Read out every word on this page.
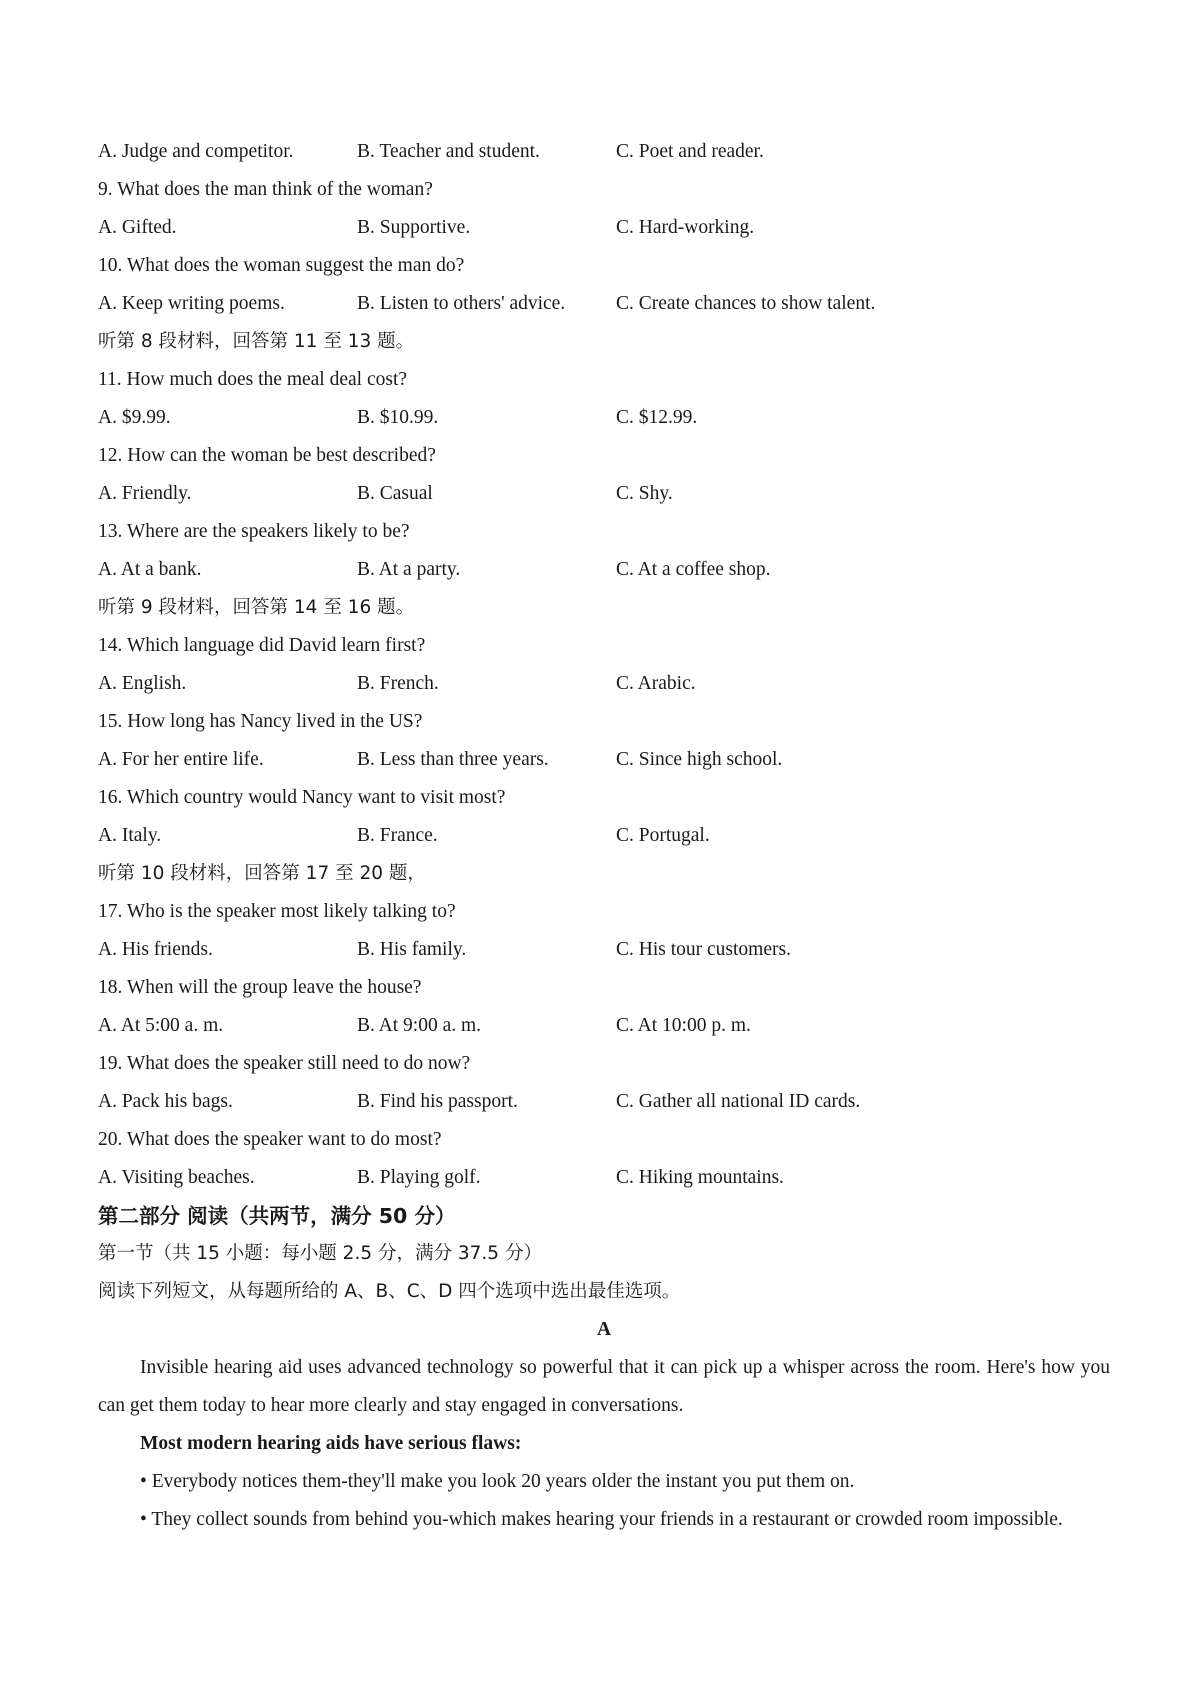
A. Judge and competitor.	B. Teacher and student.	C. Poet and reader.
9. What does the man think of the woman?
A. Gifted.	B. Supportive.	C. Hard-working.
10. What does the woman suggest the man do?
A. Keep writing poems.	B. Listen to others' advice.	C. Create chances to show talent.
听第 8 段材料，回答第 11 至 13 题。
11. How much does the meal deal cost?
A. $9.99.	B. $10.99.	C. $12.99.
12. How can the woman be best described?
A. Friendly.	B. Casual	C. Shy.
13. Where are the speakers likely to be?
A. At a bank.	B. At a party.	C. At a coffee shop.
听第 9 段材料，回答第 14 至 16 题。
14. Which language did David learn first?
A. English.	B. French.	C. Arabic.
15. How long has Nancy lived in the US?
A. For her entire life.	B. Less than three years.	C. Since high school.
16. Which country would Nancy want to visit most?
A. Italy.	B. France.	C. Portugal.
听第 10 段材料，回答第 17 至 20 题，
17. Who is the speaker most likely talking to?
A. His friends.	B. His family.	C. His tour customers.
18. When will the group leave the house?
A. At 5:00 a. m.	B. At 9:00 a. m.	C. At 10:00 p. m.
19. What does the speaker still need to do now?
A. Pack his bags.	B. Find his passport.	C. Gather all national ID cards.
20. What does the speaker want to do most?
A. Visiting beaches.	B. Playing golf.	C. Hiking mountains.
第二部分 阅读（共两节，满分 50 分）
第一节（共 15 小题：每小题 2.5 分，满分 37.5 分）
阅读下列短文，从每题所给的 A、B、C、D 四个选项中选出最佳选项。
A
Invisible hearing aid uses advanced technology so powerful that it can pick up a whisper across the room. Here's how you can get them today to hear more clearly and stay engaged in conversations.
Most modern hearing aids have serious flaws:
• Everybody notices them-they'll make you look 20 years older the instant you put them on.
• They collect sounds from behind you-which makes hearing your friends in a restaurant or crowded room impossible.
